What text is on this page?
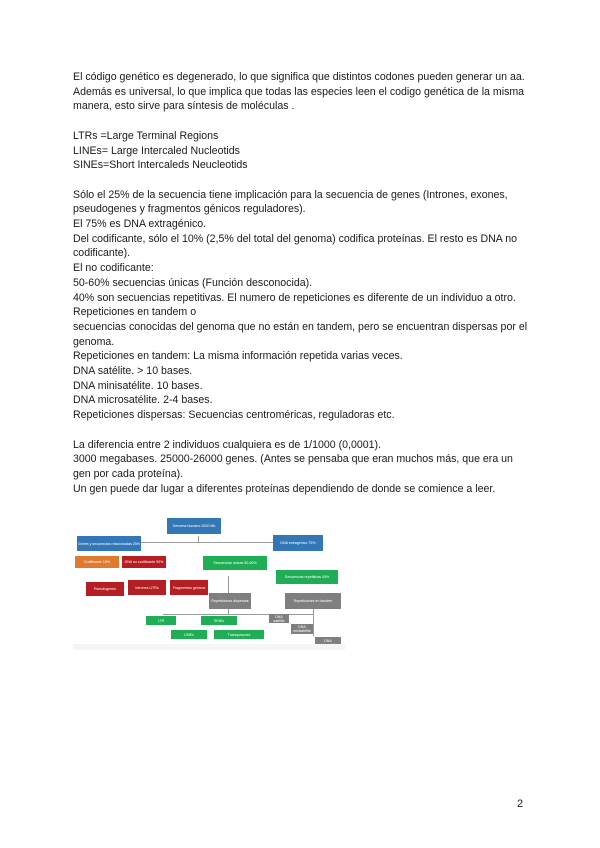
El código genético es degenerado, lo que significa que distintos codones pueden generar un aa. Además es universal, lo que implica que todas las especies leen el codigo genética de la misma manera, esto sirve para síntesis de moléculas .

LTRs =Large Terminal Regions

LINEs= Large Intercaled Nucleotids

SINEs=Short Intercaleds Neucleotids

Sólo el 25% de la secuencia tiene implicación para la secuencia de genes (Intrones, exones, pseudogenes y fragmentos génicos reguladores).

El 75% es DNA extragénico.

Del codificante, sólo el 10% (2,5% del total del genoma) codifica proteínas. El resto es DNA no codificante).

El no codificante:

50-60% secuencias únicas (Función desconocida).

40% son secuencias repetitivas. El numero de repeticiones es diferente de un individuo a otro.

Repeticiones en tandem o

secuencias conocidas del genoma que no están en tandem, pero se encuentran dispersas por el genoma.

Repeticiones en tandem: La misma información repetida varias veces.

DNA satélite. > 10 bases.

DNA minisatélite. 10 bases.

DNA microsatélite. 2-4 bases.

Repeticiones dispersas: Secuencias centroméricas, reguladoras etc.

La diferencia entre 2 individuos cualquiera es de 1/1000 (0,0001).

3000 megabases. 25000-26000 genes. (Antes se pensaba que eran muchos más, que era un gen por cada proteína).

Un gen puede dar lugar a diferentes proteínas dependiendo de donde se comience a leer.

Genoma humano 3200 Mb
Genes y secuencias relacionadas 25%	DNA extragénico 75%
Codificante 10%	DNA no codificante 90%
Pseudogenes	Intrones UTRs	Fragmentos génicos
Secuencias únicas 50-60%
Secuencias repetitivas 40%
Repeticiones dispersas	Repeticiones en tandem
LTR	SINEs
LINEs	Transposones
DNA satélite
DNA minisatélite
DNA
2
